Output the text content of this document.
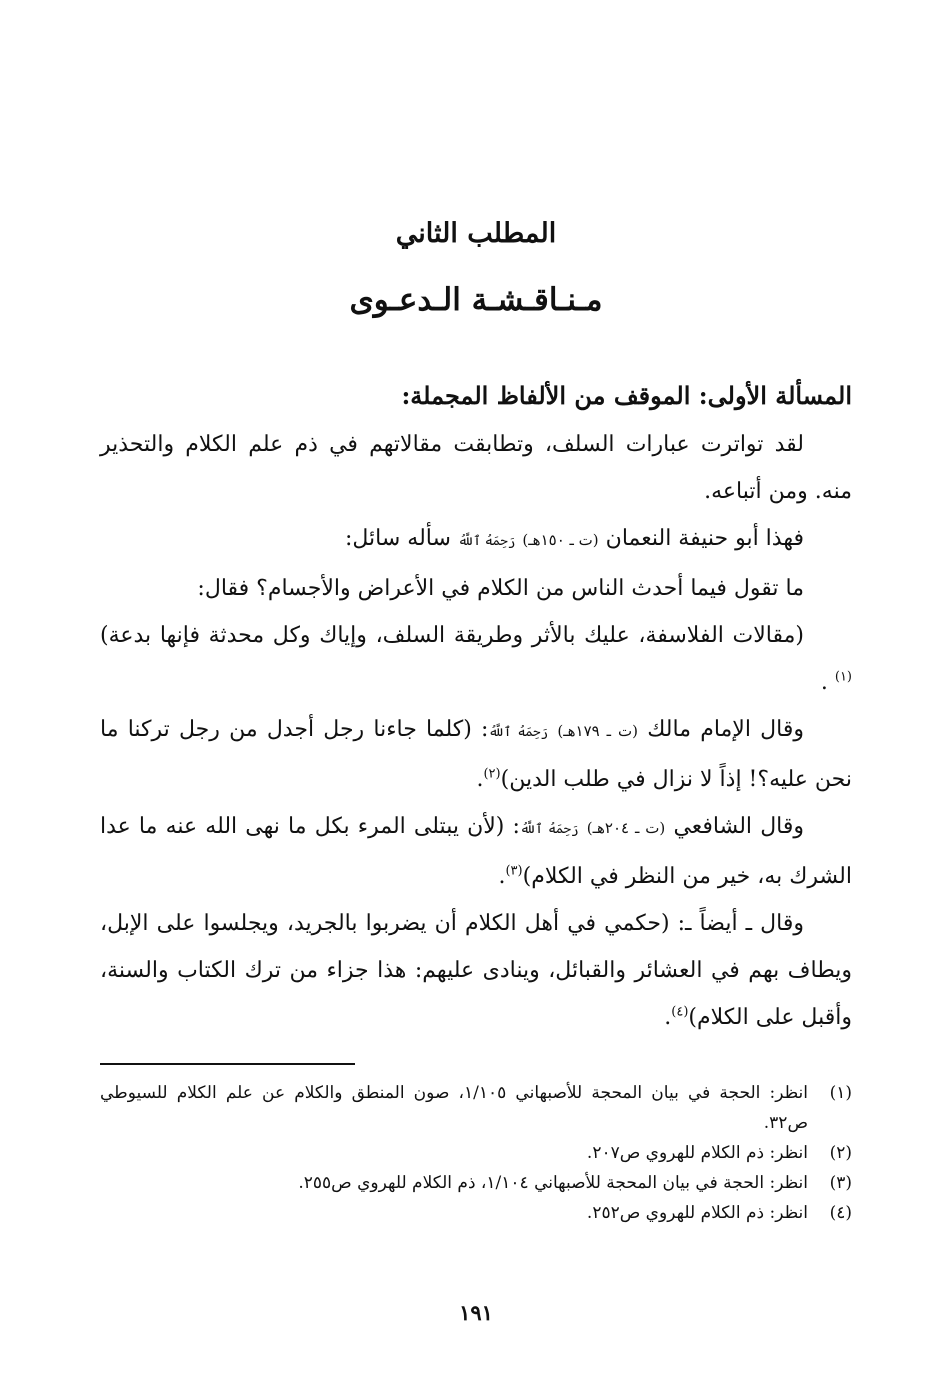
المطلب الثاني
مـنـاقـشـة الـدعـوى

المسألة الأولى: الموقف من الألفاظ المجملة:

لقد تواترت عبارات السلف، وتطابقت مقالاتهم في ذم علم الكلام والتحذير منه. ومن أتباعه.

فهذا أبو حنيفة النعمان (ت ـ ١٥٠هـ) رَحِمَهُ ٱللَّهُ سأله سائل:

ما تقول فيما أحدث الناس من الكلام في الأعراض والأجسام؟ فقال:

(مقالات الفلاسفة، عليك بالأثر وطريقة السلف، وإياك وكل محدثة فإنها بدعة)$^{(١)}$ .

وقال الإمام مالك (ت ـ ١٧٩هـ) رَحِمَهُ ٱللَّهُ: (كلما جاءنا رجل أجدل من رجل تركنا ما نحن عليه؟! إذاً لا نزال في طلب الدين)$^{(٢)}$.

وقال الشافعي (ت ـ ٢٠٤هـ) رَحِمَهُ ٱللَّهُ: (لأن يبتلى المرء بكل ما نهى الله عنه ما عدا الشرك به، خير من النظر في الكلام)$^{(٣)}$.

وقال ـ أيضاً ـ: (حكمي في أهل الكلام أن يضربوا بالجريد، ويجلسوا على الإبل، ويطاف بهم في العشائر والقبائل، وينادى عليهم: هذا جزاء من ترك الكتاب والسنة، وأقبل على الكلام)$^{(٤)}$.

(١)
انظر: الحجة في بيان المحجة للأصبهاني ١/١٠٥، صون المنطق والكلام عن علم الكلام للسيوطي ص٣٢.
(٢)
انظر: ذم الكلام للهروي ص٢٠٧.
(٣)
انظر: الحجة في بيان المحجة للأصبهاني ١/١٠٤، ذم الكلام للهروي ص٢٥٥.
(٤)
انظر: ذم الكلام للهروي ص٢٥٢.
١٩١
